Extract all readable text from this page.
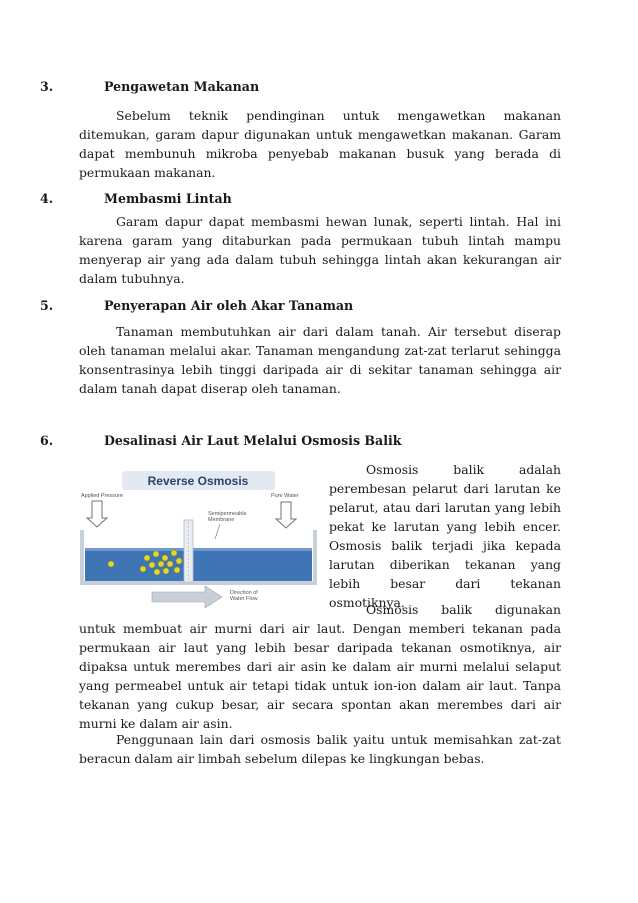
3.	Pengawetan Makanan

Sebelum teknik pendinginan untuk mengawetkan makanan ditemukan, garam dapur digunakan untuk mengawetkan makanan. Garam dapat membunuh mikroba penyebab makanan busuk yang berada di permukaan makanan.

4.	Membasmi Lintah

Garam dapur dapat membasmi hewan lunak, seperti lintah. Hal ini karena garam yang ditaburkan pada permukaan tubuh lintah mampu menyerap air yang ada dalam tubuh sehingga lintah akan kekurangan air dalam tubuhnya.

5.	Penyerapan Air oleh Akar Tanaman

Tanaman membutuhkan air dari dalam tanah. Air tersebut diserap oleh tanaman melalui akar. Tanaman mengandung zat-zat terlarut sehingga konsentrasinya lebih tinggi daripada air di sekitar tanaman sehingga air dalam tanah dapat diserap oleh tanaman.

6.	Desalinasi Air Laut Melalui Osmosis Balik
Reverse Osmosis
Applied Pressure	Pure Water
Semipermeable
Membrane
Direction of
Water Flow

Osmosis balik adalah perembesan pelarut dari larutan ke pelarut, atau dari larutan yang lebih pekat ke larutan yang lebih encer. Osmosis balik terjadi jika kepada larutan diberikan tekanan yang lebih besar dari tekanan osmotiknya.

Osmosis balik digunakan

untuk membuat air murni dari air laut. Dengan memberi tekanan pada permukaan air laut yang lebih besar daripada tekanan osmotiknya, air dipaksa untuk merembes dari air asin ke dalam air murni melalui selaput yang permeabel untuk air tetapi tidak untuk ion-ion dalam air laut. Tanpa tekanan yang cukup besar, air secara spontan akan merembes dari air murni ke dalam air asin.

Penggunaan lain dari osmosis balik yaitu untuk memisahkan zat-zat beracun dalam air limbah sebelum dilepas ke lingkungan bebas.
